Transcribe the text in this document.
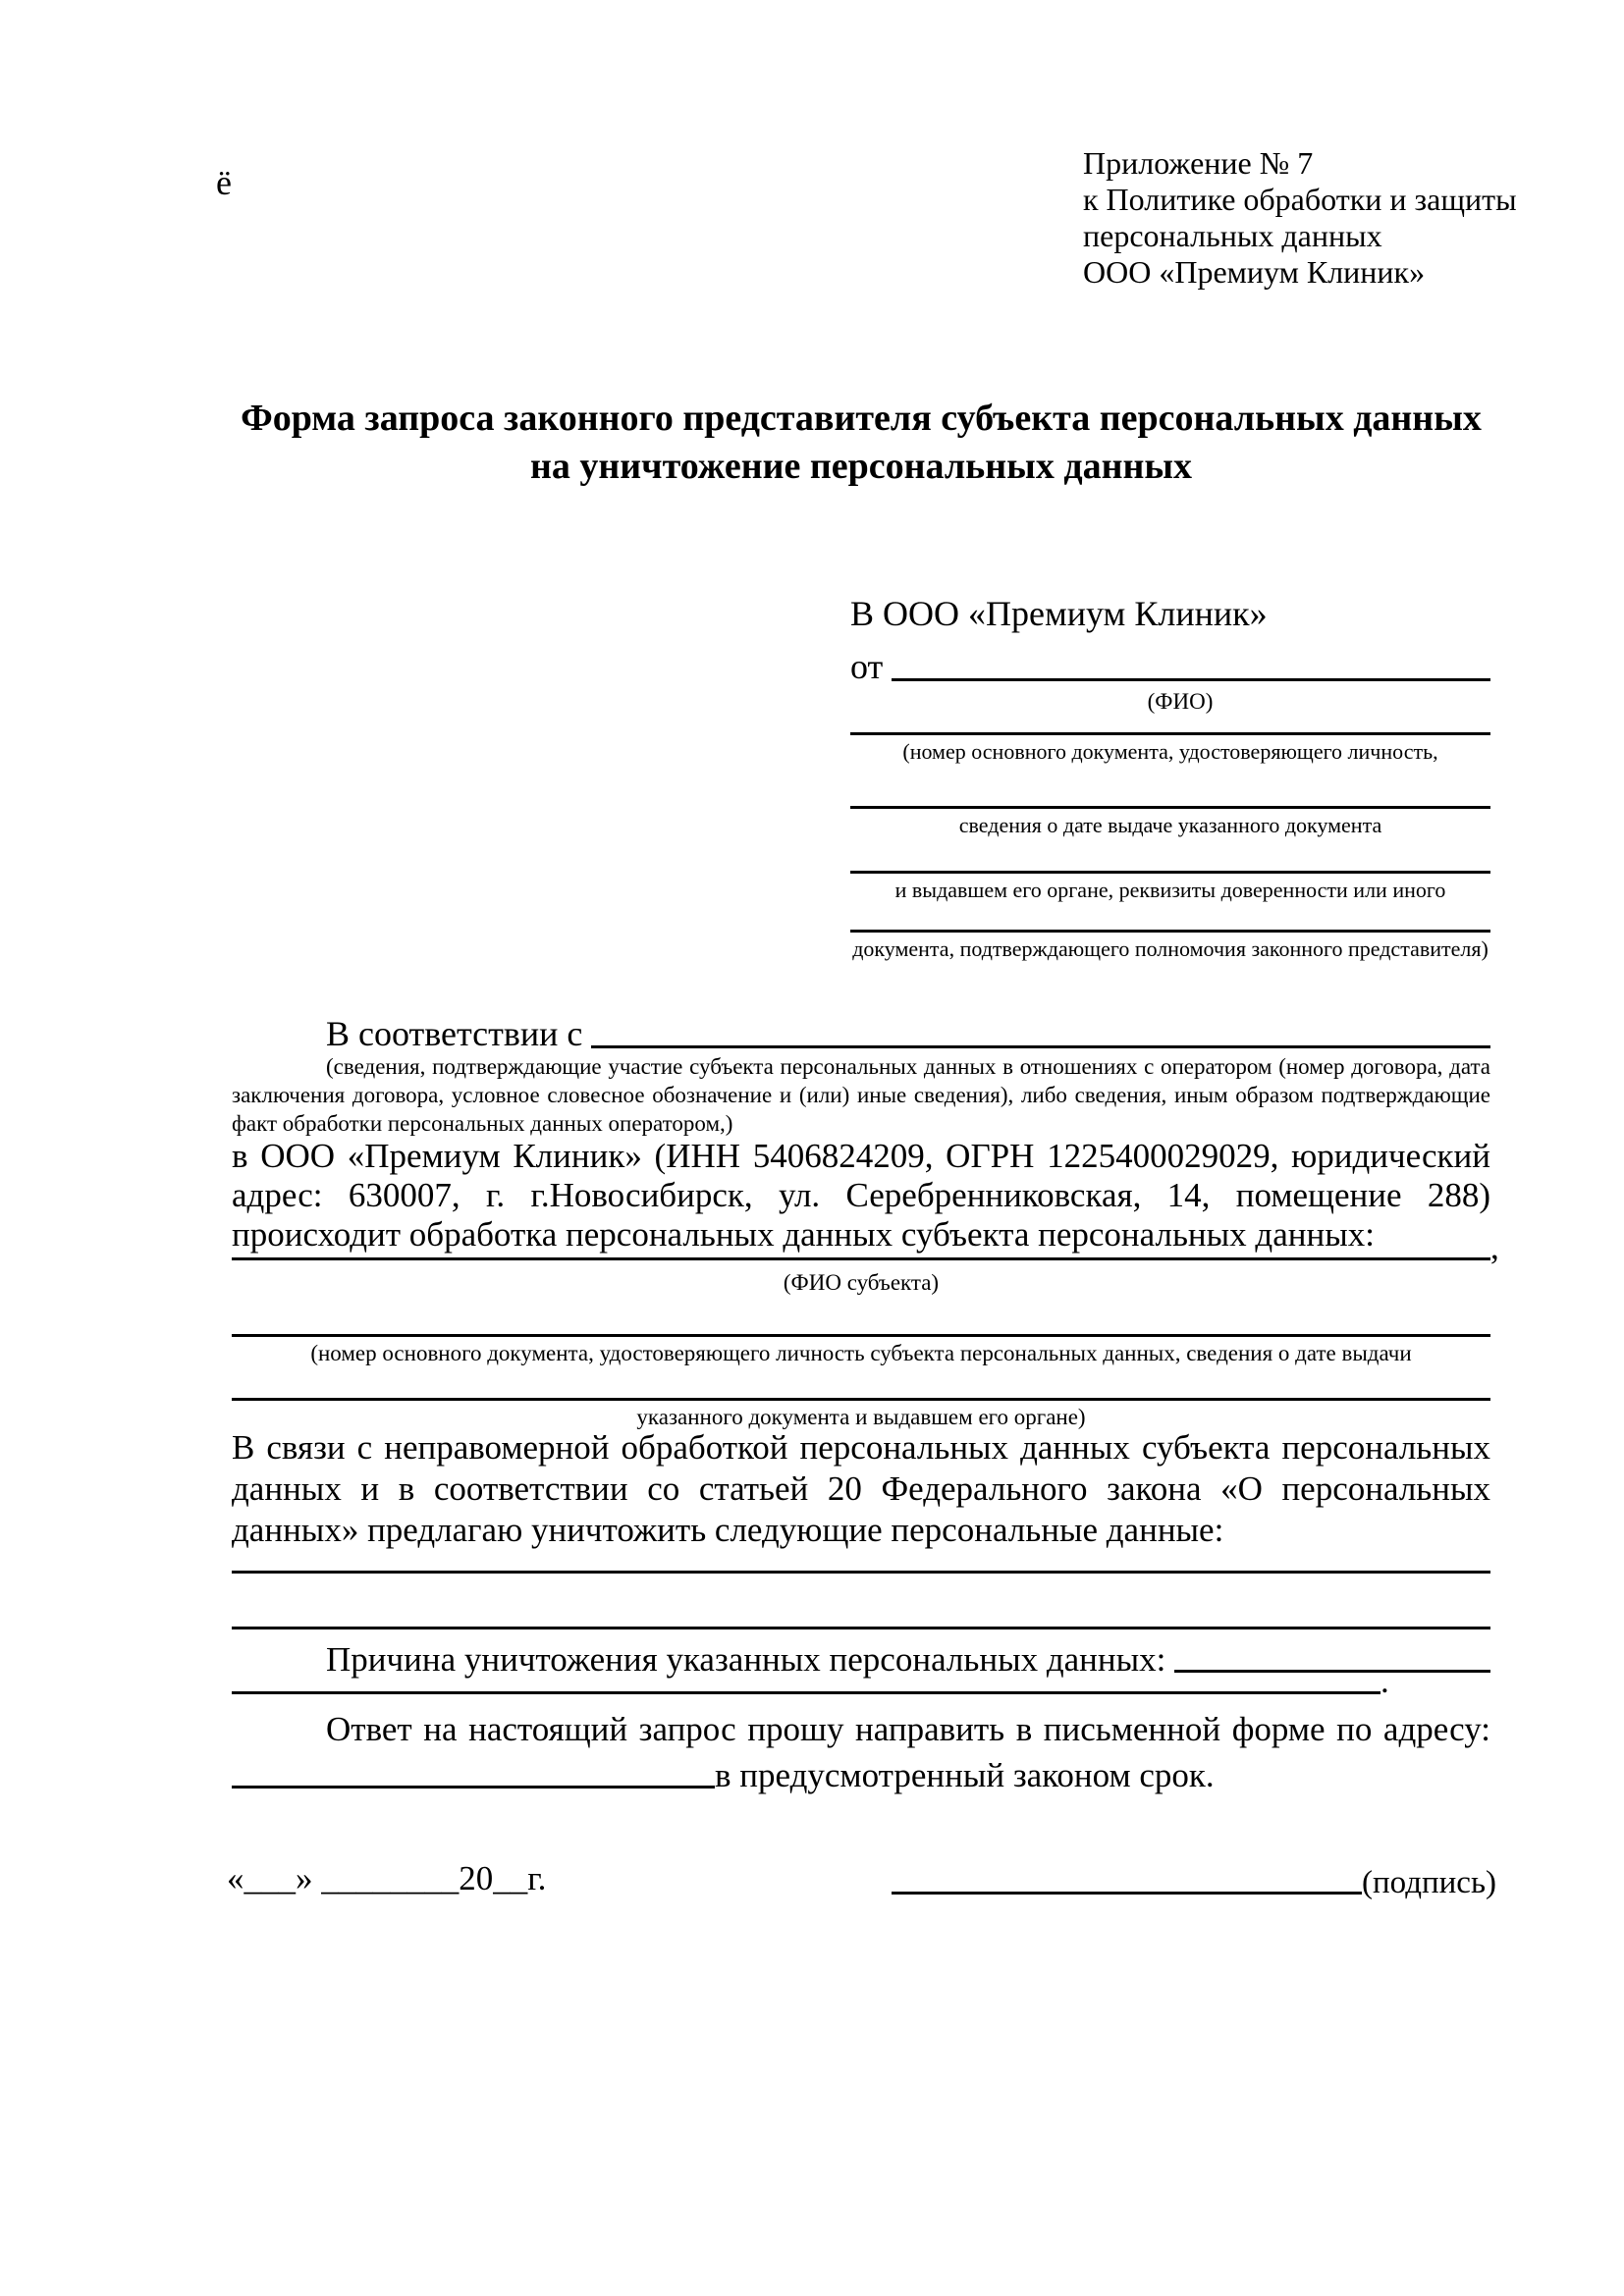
ё	Приложение № 7
к Политике обработки и защиты
персональных данных
ООО «Премиум Клиник»
Форма запроса законного представителя субъекта персональных данных
на уничтожение персональных данных
В ООО «Премиум Клиник»
от

(ФИО)
(номер основного документа, удостоверяющего личность,
сведения о дате выдаче указанного документа
и выдавшем его органе, реквизиты доверенности или иного
документа, подтверждающего полномочия законного представителя)
В соответствии с

(сведения, подтверждающие участие субъекта персональных данных в отношениях с оператором (номер договора, дата заключения договора, условное словесное обозначение и (или) иные сведения), либо сведения, иным образом подтверждающие факт обработки персональных данных оператором,)
в ООО «Премиум Клиник» (ИНН 5406824209, ОГРН 1225400029029, юридический адрес: 630007, г. г.Новосибирск, ул. Серебренниковская, 14, помещение 288) происходит обработка персональных данных субъекта персональных данных:	,
(ФИО субъекта)
(номер основного документа, удостоверяющего личность субъекта персональных данных, сведения о дате выдачи
указанного документа и выдавшем его органе)
В связи с неправомерной обработкой персональных данных субъекта персональных данных и в соответствии со статьей 20 Федерального закона «О персональных данных» предлагаю уничтожить следующие персональные данные:
Причина уничтожения указанных персональных данных:

.
Ответ на настоящий запрос прошу направить в письменной форме по адресу:
в предусмотренный законом срок.
«___» ________20__г.	(подпись)
